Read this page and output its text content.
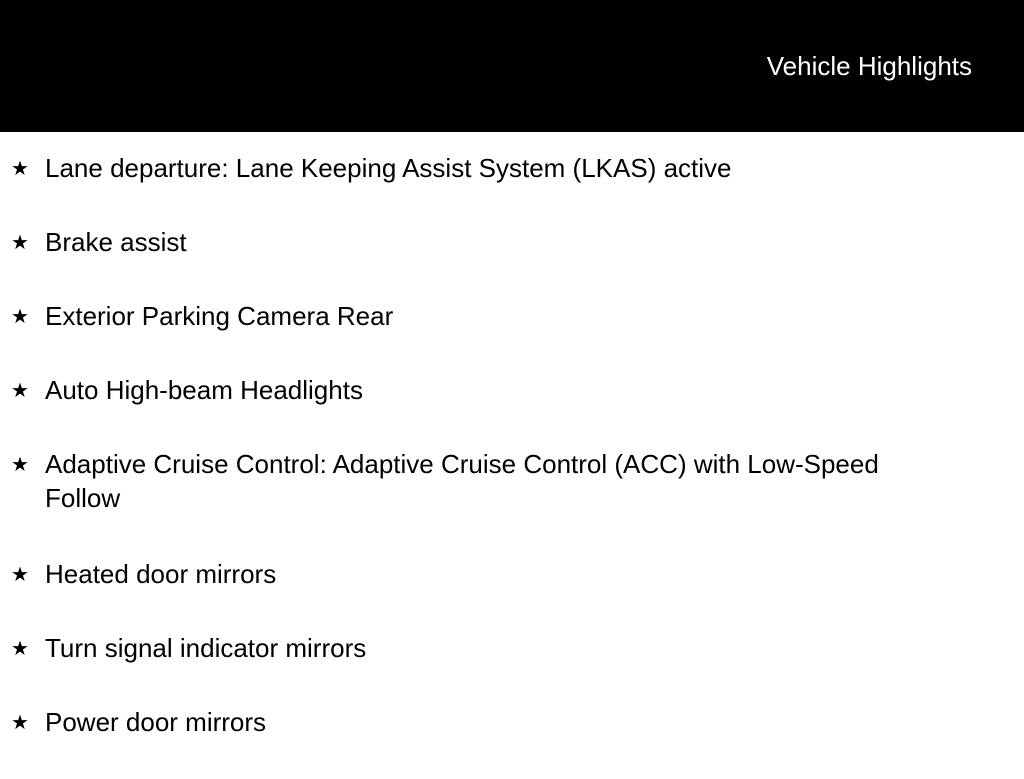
Vehicle Highlights
★ Lane departure: Lane Keeping Assist System (LKAS) active
★ Brake assist
★ Exterior Parking Camera Rear
★ Auto High-beam Headlights
★ Adaptive Cruise Control: Adaptive Cruise Control (ACC) with Low-Speed Follow
★ Heated door mirrors
★ Turn signal indicator mirrors
★ Power door mirrors
